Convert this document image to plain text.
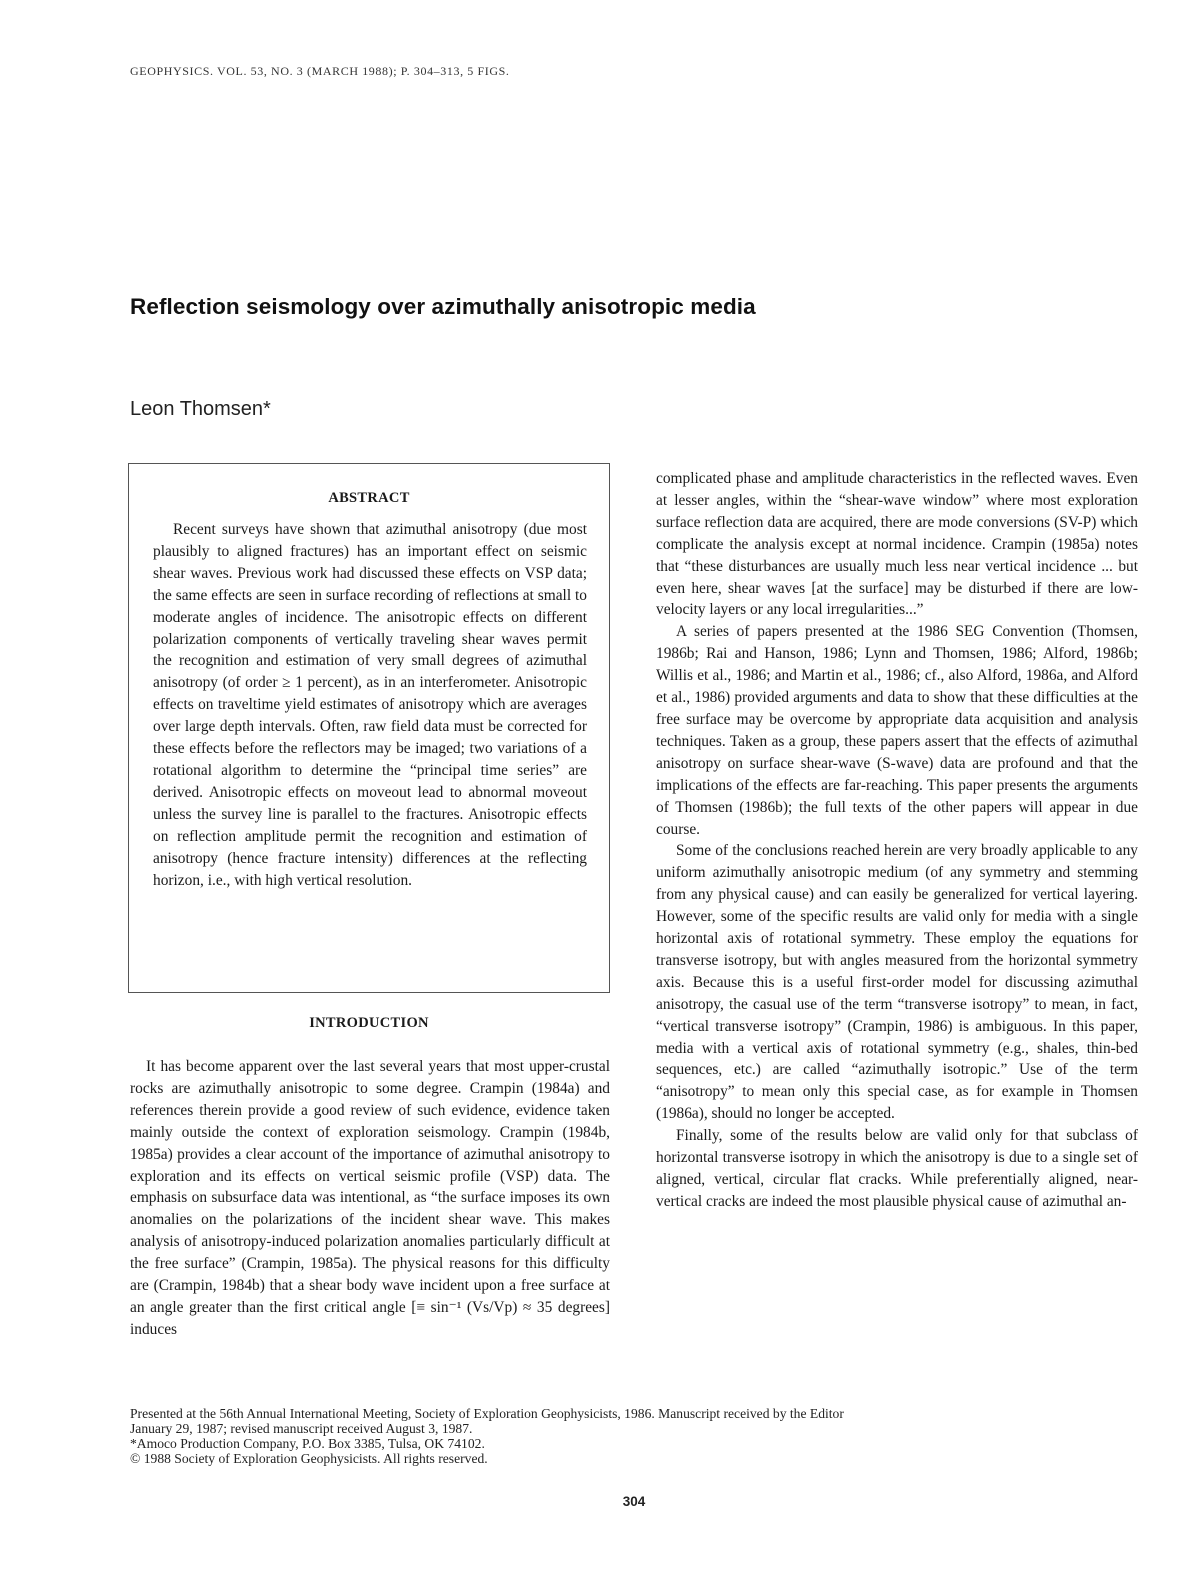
GEOPHYSICS. VOL. 53, NO. 3 (MARCH 1988); P. 304–313, 5 FIGS.
Reflection seismology over azimuthally anisotropic media
Leon Thomsen*
ABSTRACT

Recent surveys have shown that azimuthal anisotropy (due most plausibly to aligned fractures) has an important effect on seismic shear waves. Previous work had discussed these effects on VSP data; the same effects are seen in surface recording of reflections at small to moderate angles of incidence. The anisotropic effects on different polarization components of vertically traveling shear waves permit the recognition and estimation of very small degrees of azimuthal anisotropy (of order ≥ 1 percent), as in an interferometer. Anisotropic effects on traveltime yield estimates of anisotropy which are averages over large depth intervals. Often, raw field data must be corrected for these effects before the reflectors may be imaged; two variations of a rotational algorithm to determine the “principal time series” are derived. Anisotropic effects on moveout lead to abnormal moveout unless the survey line is parallel to the fractures. Anisotropic effects on reflection amplitude permit the recognition and estimation of anisotropy (hence fracture intensity) differences at the reflecting horizon, i.e., with high vertical resolution.

INTRODUCTION

It has become apparent over the last several years that most upper-crustal rocks are azimuthally anisotropic to some degree. Crampin (1984a) and references therein provide a good review of such evidence, evidence taken mainly outside the context of exploration seismology. Crampin (1984b, 1985a) provides a clear account of the importance of azimuthal anisotropy to exploration and its effects on vertical seismic profile (VSP) data. The emphasis on subsurface data was intentional, as “the surface imposes its own anomalies on the polarizations of the incident shear wave. This makes analysis of anisotropy-induced polarization anomalies particularly difficult at the free surface” (Crampin, 1985a). The physical reasons for this difficulty are (Crampin, 1984b) that a shear body wave incident upon a free surface at an angle greater than the first critical angle [≡ sin⁻¹ (Vs/Vp) ≈ 35 degrees] induces

complicated phase and amplitude characteristics in the reflected waves. Even at lesser angles, within the “shear-wave window” where most exploration surface reflection data are acquired, there are mode conversions (SV-P) which complicate the analysis except at normal incidence. Crampin (1985a) notes that “these disturbances are usually much less near vertical incidence ... but even here, shear waves [at the surface] may be disturbed if there are low-velocity layers or any local irregularities...”

A series of papers presented at the 1986 SEG Convention (Thomsen, 1986b; Rai and Hanson, 1986; Lynn and Thomsen, 1986; Alford, 1986b; Willis et al., 1986; and Martin et al., 1986; cf., also Alford, 1986a, and Alford et al., 1986) provided arguments and data to show that these difficulties at the free surface may be overcome by appropriate data acquisition and analysis techniques. Taken as a group, these papers assert that the effects of azimuthal anisotropy on surface shear-wave (S-wave) data are profound and that the implications of the effects are far-reaching. This paper presents the arguments of Thomsen (1986b); the full texts of the other papers will appear in due course.

Some of the conclusions reached herein are very broadly applicable to any uniform azimuthally anisotropic medium (of any symmetry and stemming from any physical cause) and can easily be generalized for vertical layering. However, some of the specific results are valid only for media with a single horizontal axis of rotational symmetry. These employ the equations for transverse isotropy, but with angles measured from the horizontal symmetry axis. Because this is a useful first-order model for discussing azimuthal anisotropy, the casual use of the term “transverse isotropy” to mean, in fact, “vertical transverse isotropy” (Crampin, 1986) is ambiguous. In this paper, media with a vertical axis of rotational symmetry (e.g., shales, thin-bed sequences, etc.) are called “azimuthally isotropic.” Use of the term “anisotropy” to mean only this special case, as for example in Thomsen (1986a), should no longer be accepted.

Finally, some of the results below are valid only for that subclass of horizontal transverse isotropy in which the anisotropy is due to a single set of aligned, vertical, circular flat cracks. While preferentially aligned, near-vertical cracks are indeed the most plausible physical cause of azimuthal an-

Presented at the 56th Annual International Meeting, Society of Exploration Geophysicists, 1986. Manuscript received by the Editor
January 29, 1987; revised manuscript received August 3, 1987.
*Amoco Production Company, P.O. Box 3385, Tulsa, OK 74102.
© 1988 Society of Exploration Geophysicists. All rights reserved.
304
